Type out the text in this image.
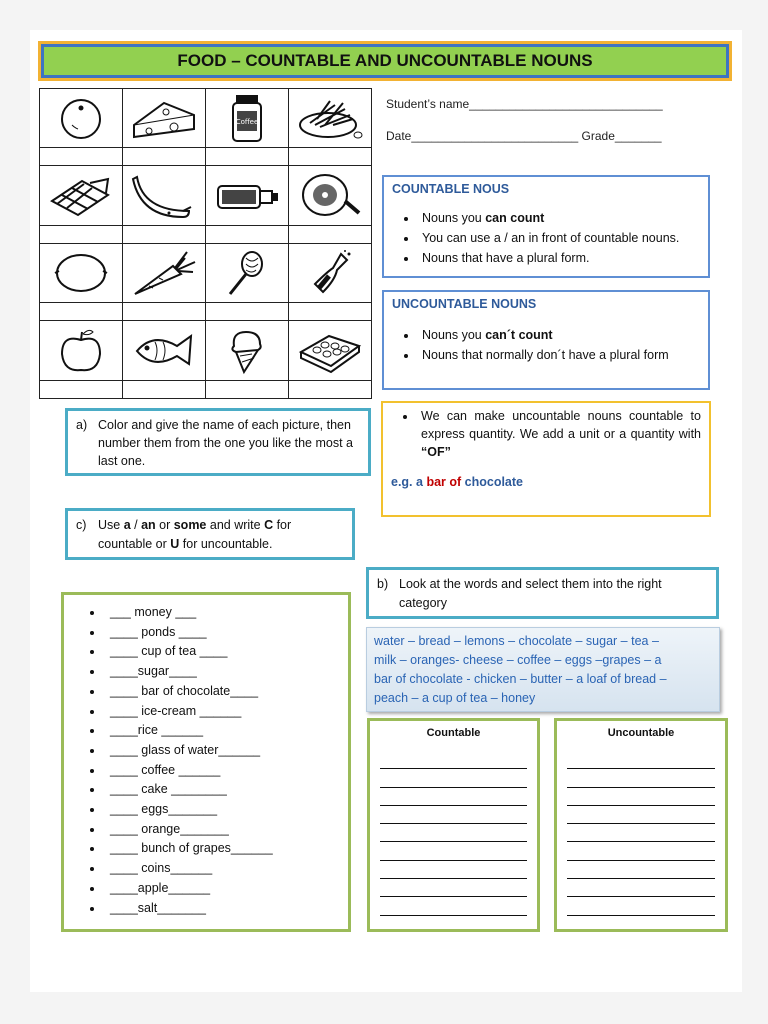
FOOD – COUNTABLE AND UNCOUNTABLE NOUNS

Coffee

Student’s name_____________________________
Date_________________________ Grade_______
COUNTABLE NOUS
• Nouns you can count
• You can use a / an in front of countable nouns.
• Nouns that have a plural form.
UNCOUNTABLE NOUNS
• Nouns you can´t count
• Nouns that normally don´t have a plural form
• We can make uncountable nouns countable to express quantity. We add a unit or a quantity with “OF”
e.g. a bar of chocolate
a) Color and give the name of each picture, then number them from the one you like the most a last one.
c) Use a / an or some and write C for countable or U for uncountable.
b) Look at the words and select them into the right category
water – bread – lemons – chocolate – sugar – tea –
milk – oranges- cheese – coffee – eggs –grapes – a
bar of chocolate - chicken – butter – a loaf of bread –
peach – a cup of tea – honey
• ___ money ___
• ____ ponds ____
• ____ cup of tea ____
• ____sugar____
• ____ bar of chocolate____
• ____ ice-cream ______
• ____rice ______
• ____ glass of water______
• ____ coffee ______
• ____ cake ________
• ____ eggs_______
• ____ orange_______
• ____ bunch of grapes______
• ____ coins______
• ____apple______
• ____salt_______
Countable	Uncountable
